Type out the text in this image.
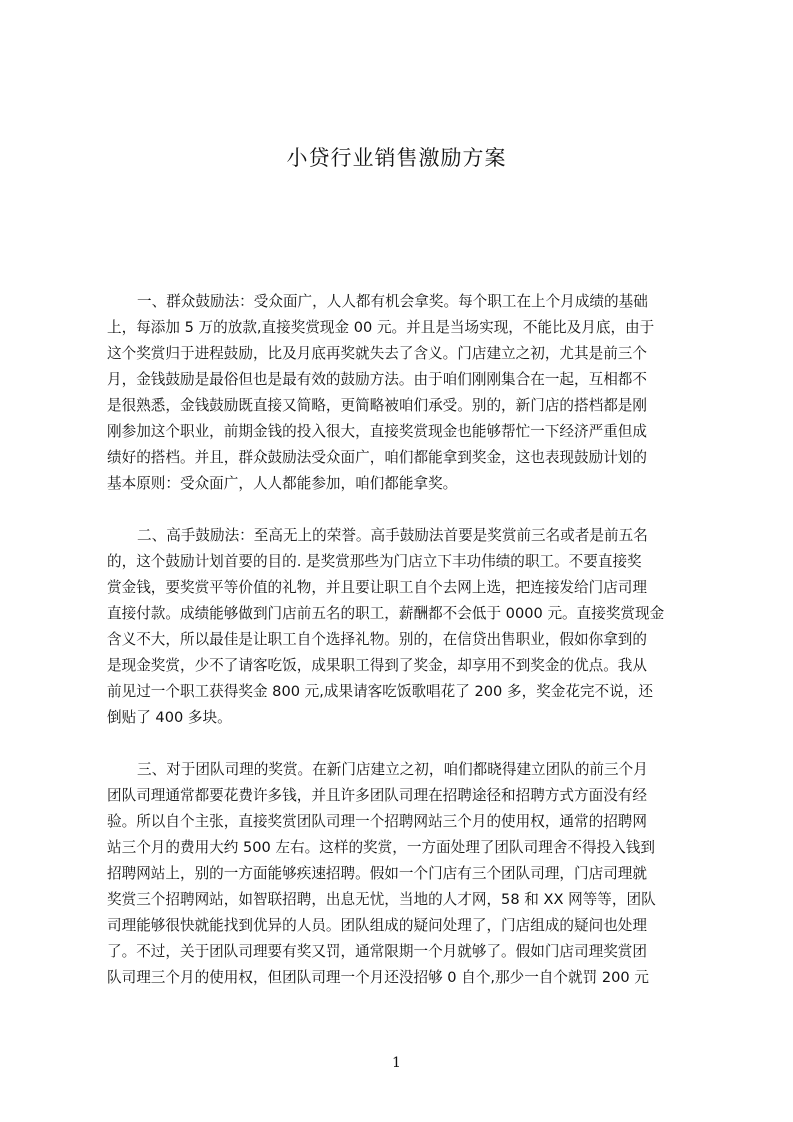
小贷行业销售激励方案
一、群众鼓励法：受众面广，人人都有机会拿奖。每个职工在上个月成绩的基础
上，每添加 5 万的放款,直接奖赏现金 00 元。并且是当场实现，不能比及月底，由于
这个奖赏归于进程鼓励，比及月底再奖就失去了含义。门店建立之初，尤其是前三个
月，金钱鼓励是最俗但也是最有效的鼓励方法。由于咱们刚刚集合在一起，互相都不
是很熟悉，金钱鼓励既直接又简略，更简略被咱们承受。别的，新门店的搭档都是刚
刚参加这个职业，前期金钱的投入很大，直接奖赏现金也能够帮忙一下经济严重但成
绩好的搭档。并且，群众鼓励法受众面广，咱们都能拿到奖金，这也表现鼓励计划的
基本原则：受众面广，人人都能参加，咱们都能拿奖。
二、高手鼓励法：至高无上的荣誉。高手鼓励法首要是奖赏前三名或者是前五名
的，这个鼓励计划首要的目的. 是奖赏那些为门店立下丰功伟绩的职工。不要直接奖
赏金钱，要奖赏平等价值的礼物，并且要让职工自个去网上选，把连接发给门店司理
直接付款。成绩能够做到门店前五名的职工，薪酬都不会低于 0000 元。直接奖赏现金
含义不大，所以最佳是让职工自个选择礼物。别的，在信贷出售职业，假如你拿到的
是现金奖赏，少不了请客吃饭，成果职工得到了奖金，却享用不到奖金的优点。我从
前见过一个职工获得奖金 800 元,成果请客吃饭歌唱花了 200 多，奖金花完不说，还
倒贴了 400 多块。
三、对于团队司理的奖赏。在新门店建立之初，咱们都晓得建立团队的前三个月
团队司理通常都要花费许多钱，并且许多团队司理在招聘途径和招聘方式方面没有经
验。所以自个主张，直接奖赏团队司理一个招聘网站三个月的使用权，通常的招聘网
站三个月的费用大约 500 左右。这样的奖赏，一方面处理了团队司理舍不得投入钱到
招聘网站上，别的一方面能够疾速招聘。假如一个门店有三个团队司理，门店司理就
奖赏三个招聘网站，如智联招聘，出息无忧，当地的人才网，58 和 XX 网等等，团队
司理能够很快就能找到优异的人员。团队组成的疑问处理了，门店组成的疑问也处理
了。不过，关于团队司理要有奖又罚，通常限期一个月就够了。假如门店司理奖赏团
队司理三个月的使用权，但团队司理一个月还没招够 0 自个,那少一自个就罚 200 元
1
